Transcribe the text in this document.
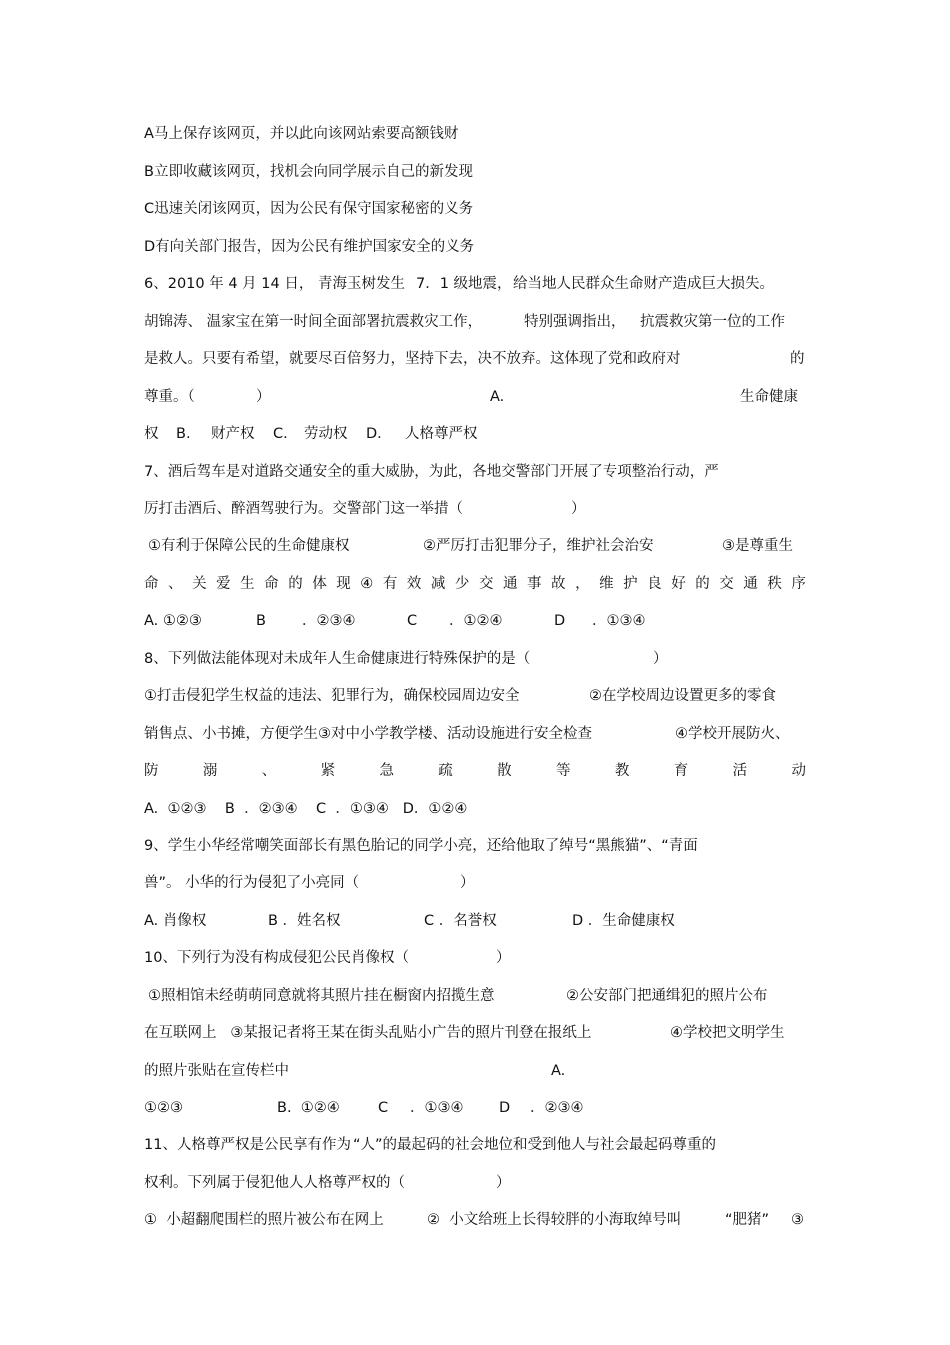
A马上保存该网页，并以此向该网站索要高额钱财
B立即收藏该网页，找机会向同学展示自己的新发现
C迅速关闭该网页，因为公民有保守国家秘密的义务
D有向关部门报告，因为公民有维护国家安全的义务
6、2010 年 4 月 14 日， 青海玉树发生 7．1 级地震， 给当地人民群众生命财产造成巨大损失。
胡锦涛、 温家宝在第一时间全面部署抗震救灾工作，	特别强调指出， 抗震救灾第一位的工作
是救人。只要有希望，就要尽百倍努力，坚持下去，决不放弃。这体现了党和政府对	的
尊重。（	）	A.	生命健康
权 B. 财产权 C. 劳动权 D. 人格尊严权
7、酒后驾车是对道路交通安全的重大威胁，为此，各地交警部门开展了专项整治行动，严
厉打击酒后、醉酒驾驶行为。交警部门这一举措（	）
①有利于保障公民的生命健康权	②严厉打击犯罪分子，维护社会治安	③是尊重生
命 、 关 爱 生 命 的 体 现 ④ 有 效 减 少 交 通 事 故 ， 维 护 良 好 的 交 通 秩 序
A. ①②③	B ．②③④	C ．①②④	D ．①③④
8、下列做法能体现对未成年人生命健康进行特殊保护的是（	）
①打击侵犯学生权益的违法、犯罪行为，确保校园周边安全	②在学校周边设置更多的零食
销售点、小书摊，方便学生③对中小学教学楼、活动设施进行安全检查	④学校开展防火、
防	溺	、	紧	急	疏	散	等	教	育	活	动
A.  ①②③    B  ．②③④    C  ．①③④   D．①②④
9、学生小华经常嘲笑面部长有黑色胎记的同学小亮，还给他取了绰号“黑熊猫”、“青面
兽”。 小华的行为侵犯了小亮同（	）
A. 肖像权	B ．姓名权	C ．名誉权	D ．生命健康权
10、下列行为没有构成侵犯公民肖像权（	）
①照相馆未经萌萌同意就将其照片挂在橱窗内招揽生意	②公安部门把通缉犯的照片公布
在互联网上   ③某报记者将王某在街头乱贴小广告的照片刊登在报纸上	④学校把文明学生
的照片张贴在宣传栏中	A.
①②③	B.  ①②④	C ．①③④ D ．②③④
11、人格尊严权是公民享有作为 “人”的最起码的社会地位和受到他人与社会最起码尊重的
权利。下列属于侵犯他人人格尊严权的（	）
①  小超翻爬围栏的照片被公布在网上	②  小文给班上长得较胖的小海取绰号叫	“肥猪” ③
